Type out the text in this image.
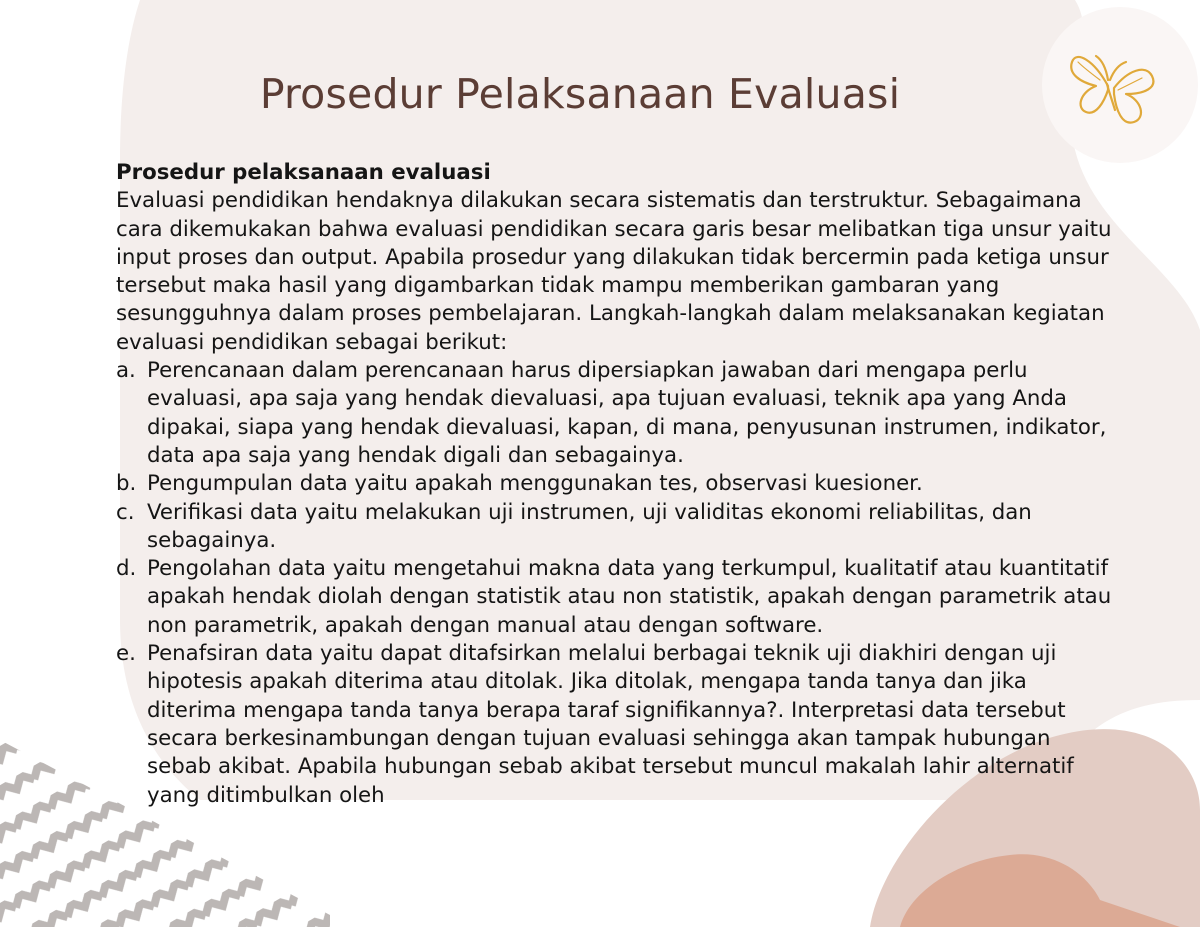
Prosedur Pelaksanaan Evaluasi

Prosedur pelaksanaan evaluasi

Evaluasi pendidikan hendaknya dilakukan secara sistematis dan terstruktur. Sebagaimana cara dikemukakan bahwa evaluasi pendidikan secara garis besar melibatkan tiga unsur yaitu input proses dan output. Apabila prosedur yang dilakukan tidak bercermin pada ketiga unsur tersebut maka hasil yang digambarkan tidak mampu memberikan gambaran yang sesungguhnya dalam proses pembelajaran. Langkah-langkah dalam melaksanakan kegiatan evaluasi pendidikan sebagai berikut:

a. Perencanaan dalam perencanaan harus dipersiapkan jawaban dari mengapa perlu evaluasi, apa saja yang hendak dievaluasi, apa tujuan evaluasi, teknik apa yang Anda dipakai, siapa yang hendak dievaluasi, kapan, di mana, penyusunan instrumen, indikator, data apa saja yang hendak digali dan sebagainya.
b. Pengumpulan data yaitu apakah menggunakan tes, observasi kuesioner.
c. Verifikasi data yaitu melakukan uji instrumen, uji validitas ekonomi reliabilitas, dan sebagainya.
d. Pengolahan data yaitu mengetahui makna data yang terkumpul, kualitatif atau kuantitatif apakah hendak diolah dengan statistik atau non statistik, apakah dengan parametrik atau non parametrik, apakah dengan manual atau dengan software.
e. Penafsiran data yaitu dapat ditafsirkan melalui berbagai teknik uji diakhiri dengan uji hipotesis apakah diterima atau ditolak. Jika ditolak, mengapa tanda tanya dan jika diterima mengapa tanda tanya berapa taraf signifikannya?. Interpretasi data tersebut secara berkesinambungan dengan tujuan evaluasi sehingga akan tampak hubungan sebab akibat. Apabila hubungan sebab akibat tersebut muncul makalah lahir alternatif yang ditimbulkan oleh
